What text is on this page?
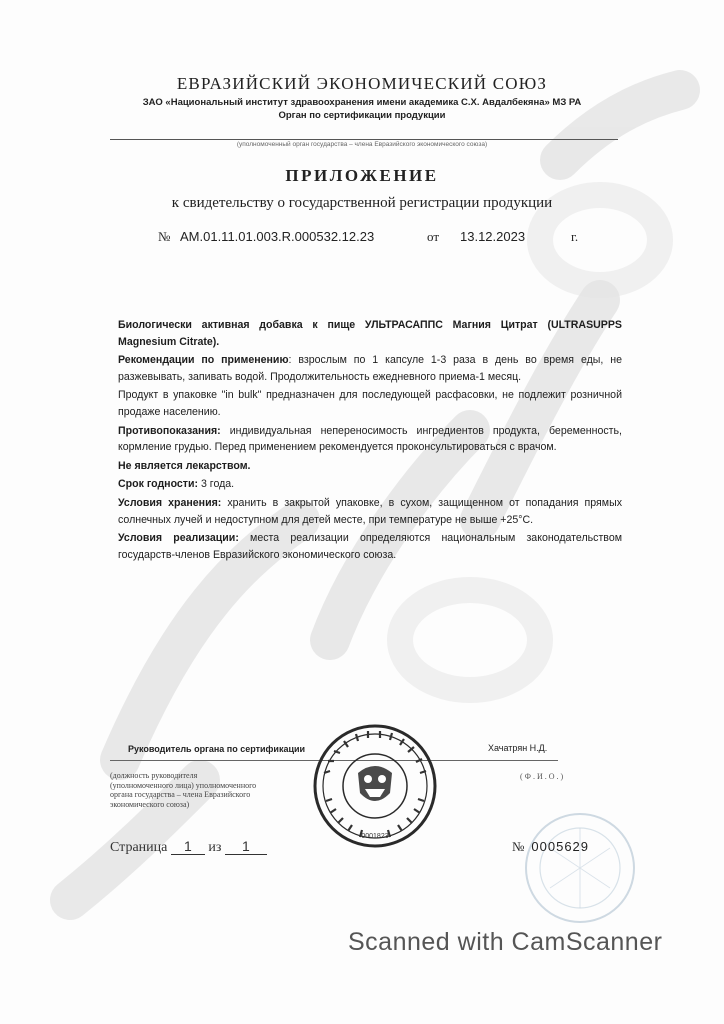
ЕВРАЗИЙСКИЙ ЭКОНОМИЧЕСКИЙ СОЮЗ
ЗАО «Национальный институт здравоохранения имени академика С.Х. Авдалбекяна» МЗ РА
Орган по сертификации продукции
(уполномоченный орган государства – члена Евразийского экономического союза)
ПРИЛОЖЕНИЕ
к свидетельству о государственной регистрации продукции
№ AM.01.11.01.003.R.000532.12.23	от 13.12.2023	г.

Биологически активная добавка к пище УЛЬТРАСАППС Магния Цитрат (ULTRASUPPS Magnesium Citrate).

Рекомендации по применению: взрослым по 1 капсуле 1-3 раза в день во время еды, не разжевывать, запивать водой. Продолжительность ежедневного приема-1 месяц.

Продукт в упаковке "in bulk" предназначен для последующей расфасовки, не подлежит розничной продаже населению.

Противопоказания: индивидуальная непереносимость ингредиентов продукта, беременность, кормление грудью. Перед применением рекомендуется проконсультироваться с врачом.

Не является лекарством.

Срок годности: 3 года.

Условия хранения: хранить в закрытой упаковке, в сухом, защищенном от попадания прямых солнечных лучей и недоступном для детей месте, при температуре не выше +25°С.

Условия реализации: места реализации определяются национальным законодательством государств-членов Евразийского экономического союза.

Руководитель органа по сертификации	Хачатрян Н.Д.
(должность руководителя
(уполномоченного лица) уполномоченного
органа государства – члена Евразийского
экономического союза)
(Ф.И.О.)
0001823
Страница 1 из 1	№ 0005629
Scanned with CamScanner
